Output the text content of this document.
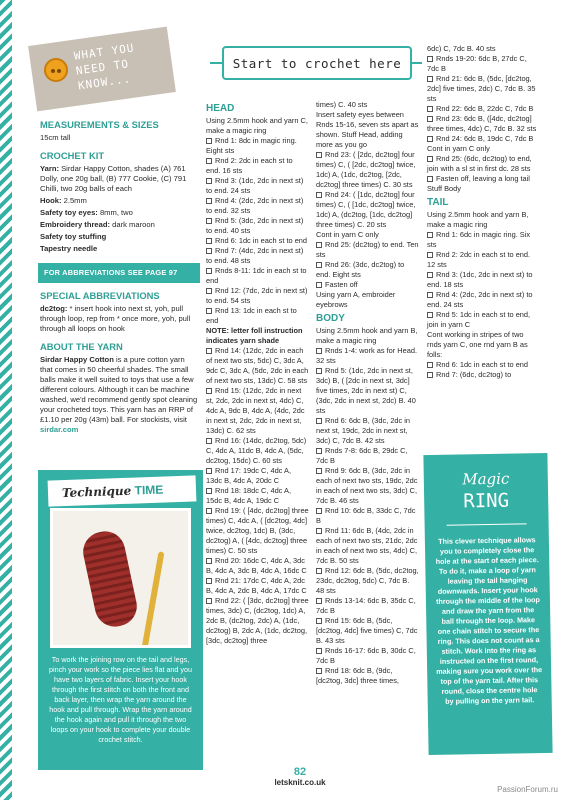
WHAT YOU
NEED TO
KNOW...
MEASUREMENTS & SIZES

15cm tall

CROCHET KIT

Yarn: Sirdar Happy Cotton, shades (A) 761 Dolly, one 20g ball, (B) 777 Cookie, (C) 791 Chilli, two 20g balls of each

Hook: 2.5mm

Safety toy eyes: 8mm, two

Embroidery thread: dark maroon

Safety toy stuffing

Tapestry needle

FOR ABBREVIATIONS SEE PAGE 97
SPECIAL ABBREVIATIONS

dc2tog: * insert hook into next st, yoh, pull through loop, rep from * once more, yoh, pull through all loops on hook

ABOUT THE YARN

Sirdar Happy Cotton is a pure cotton yarn that comes in 50 cheerful shades. The small balls make it well suited to toys that use a few different colours. Although it can be machine washed, we'd recommend gently spot cleaning your crocheted toys. This yarn has an RRP of £1.10 per 20g (43m) ball. For stockists, visit sirdar.com

Technique TIME
To work the joining row on the tail and legs, pinch your work so the piece lies flat and you have two layers of fabric. Insert your hook through the first stitch on both the front and back layer, then wrap the yarn around the hook and pull through. Wrap the yarn around the hook again and pull it through the two loops on your hook to complete your double crochet stitch.
Start to crochet here
HEAD
Using 2.5mm hook and yarn C, make a magic ring
Rnd 1: 8dc in magic ring. Eight sts
Rnd 2: 2dc in each st to end. 16 sts
Rnd 3: (1dc, 2dc in next st) to end. 24 sts
Rnd 4: (2dc, 2dc in next st) to end. 32 sts
Rnd 5: (3dc, 2dc in next st) to end. 40 sts
Rnd 6: 1dc in each st to end
Rnd 7: (4dc, 2dc in next st) to end. 48 sts
Rnds 8-11: 1dc in each st to end
Rnd 12: (7dc, 2dc in next st) to end. 54 sts
Rnd 13: 1dc in each st to end
NOTE: letter foll instruction indicates yarn shade
Rnd 14: (12dc, 2dc in each of next two sts, 5dc) C, 3dc A, 9dc C, 3dc A, (5dc, 2dc in each of next two sts, 13dc) C. 58 sts
Rnd 15: (12dc, 2dc in next st, 2dc, 2dc in next st, 4dc) C, 4dc A, 9dc B, 4dc A, (4dc, 2dc in next st, 2dc, 2dc in next st, 13dc) C. 62 sts
Rnd 16: (14dc, dc2tog, 5dc) C, 4dc A, 11dc B, 4dc A, (5dc, dc2tog, 15dc) C. 60 sts
Rnd 17: 19dc C, 4dc A, 13dc B, 4dc A, 20dc C
Rnd 18: 18dc C, 4dc A, 15dc B, 4dc A, 19dc C
Rnd 19: ( [4dc, dc2tog] three times) C, 4dc A, ( [dc2tog, 4dc] twice, dc2tog, 1dc) B, (3dc, dc2tog) A, ( [4dc, dc2tog] three times) C. 50 sts
Rnd 20: 16dc C, 4dc A, 3dc B, 4dc A, 3dc B, 4dc A, 16dc C
Rnd 21: 17dc C, 4dc A, 2dc B, 4dc A, 2dc B, 4dc A, 17dc C
Rnd 22: ( [3dc, dc2tog] three times, 3dc) C, (dc2tog, 1dc) A, 2dc B, (dc2tog, 2dc) A, (1dc, dc2tog) B, 2dc A, (1dc, dc2tog, [3dc, dc2tog] three
times) C. 40 sts
Insert safety eyes between Rnds 15-16, seven sts apart as shown. Stuff Head, adding more as you go
Rnd 23: ( [2dc, dc2tog] four times) C, ( [2dc, dc2tog] twice, 1dc) A, (1dc, dc2tog, [2dc, dc2tog] three times) C. 30 sts
Rnd 24: ( [1dc, dc2tog] four times) C, ( [1dc, dc2tog] twice, 1dc) A, (dc2tog, [1dc, dc2tog] three times) C. 20 sts
Cont in yarn C only
Rnd 25: (dc2tog) to end. Ten sts
Rnd 26: (3dc, dc2tog) to end. Eight sts
Fasten off
Using yarn A, embroider eyebrows
BODY
Using 2.5mm hook and yarn B, make a magic ring
Rnds 1-4: work as for Head. 32 sts
Rnd 5: (1dc, 2dc in next st, 3dc) B, ( [2dc in next st, 3dc] five times, 2dc in next st) C, (3dc, 2dc in next st, 2dc) B. 40 sts
Rnd 6: 6dc B, (3dc, 2dc in next st, 19dc, 2dc in next st, 3dc) C, 7dc B. 42 sts
Rnds 7-8: 6dc B, 29dc C, 7dc B
Rnd 9: 6dc B, (3dc, 2dc in each of next two sts, 19dc, 2dc in each of next two sts, 3dc) C, 7dc B. 46 sts
Rnd 10: 6dc B, 33dc C, 7dc B
Rnd 11: 6dc B, (4dc, 2dc in each of next two sts, 21dc, 2dc in each of next two sts, 4dc) C, 7dc B. 50 sts
Rnd 12: 6dc B, (5dc, dc2tog, 23dc, dc2tog, 5dc) C, 7dc B. 48 sts
Rnds 13-14: 6dc B, 35dc C, 7dc B
Rnd 15: 6dc B, (5dc, [dc2tog, 4dc] five times) C, 7dc B. 43 sts
Rnds 16-17: 6dc B, 30dc C, 7dc B
Rnd 18: 6dc B, (9dc, [dc2tog, 3dc] three times,
6dc) C, 7dc B. 40 sts
Rnds 19-20: 6dc B, 27dc C, 7dc B
Rnd 21: 6dc B, (5dc, [dc2tog, 2dc] five times, 2dc) C, 7dc B. 35 sts
Rnd 22: 6dc B, 22dc C, 7dc B
Rnd 23: 6dc B, ([4dc, dc2tog] three times, 4dc) C, 7dc B. 32 sts
Rnd 24: 6dc B, 19dc C, 7dc B
Cont in yarn C only
Rnd 25: (6dc, dc2tog) to end, join with a sl st in first dc. 28 sts
Fasten off, leaving a long tail
Stuff Body
TAIL
Using 2.5mm hook and yarn B, make a magic ring
Rnd 1: 6dc in magic ring. Six sts
Rnd 2: 2dc in each st to end. 12 sts
Rnd 3: (1dc, 2dc in next st) to end. 18 sts
Rnd 4: (2dc, 2dc in next st) to end. 24 sts
Rnd 5: 1dc in each st to end, join in yarn C
Cont working in stripes of two rnds yarn C, one rnd yarn B as folls:
Rnd 6: 1dc in each st to end
Rnd 7: (6dc, dc2tog) to
Magic
RING
This clever technique allows you to completely close the hole at the start of each piece. To do it, make a loop of yarn leaving the tail hanging downwards. Insert your hook through the middle of the loop and draw the yarn from the ball through the loop. Make one chain stitch to secure the ring. This does not count as a stitch. Work into the ring as instructed on the first round, making sure you work over the top of the yarn tail. After this round, close the centre hole by pulling on the yarn tail.
82
letsknit.co.uk
PassionForum.ru
